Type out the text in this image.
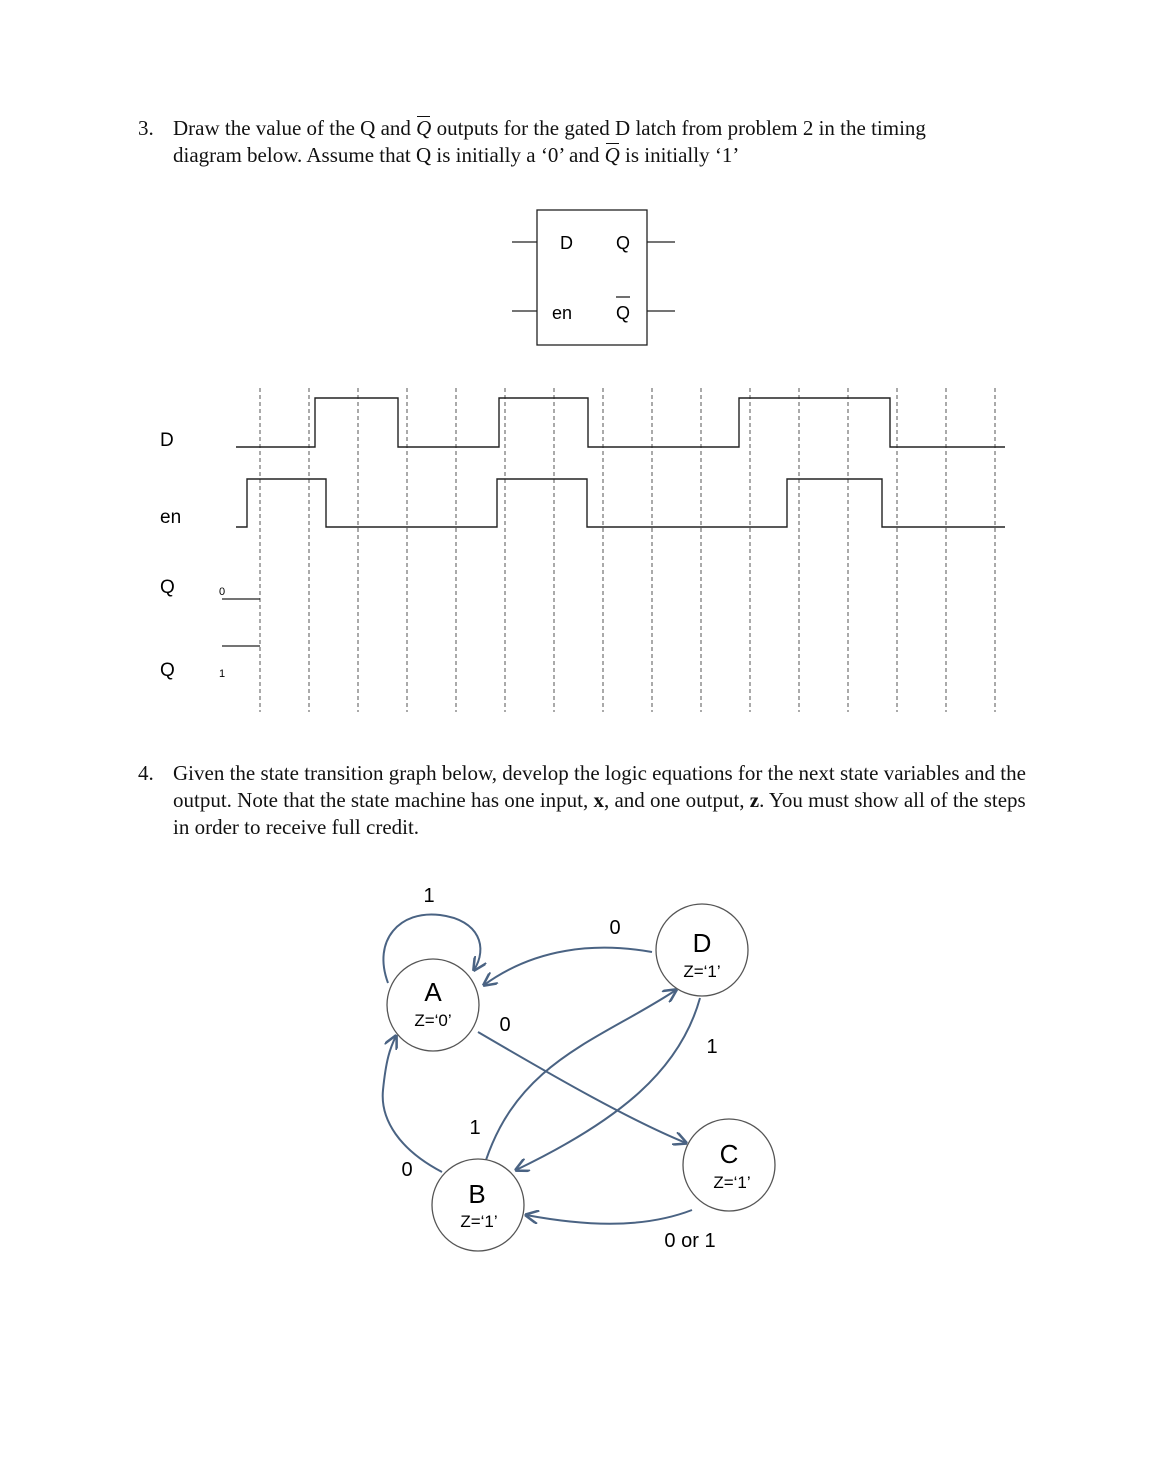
3. Draw the value of the Q and Q outputs for the gated D latch from problem 2 in the timing
diagram below. Assume that Q is initially a ‘0’ and Q is initially ‘1’
4. Given the state transition graph below, develop the logic equations for the next state variables and the output. Note that the state machine has one input, x, and one output, z. You must show all of the steps in order to receive full credit.
D Q
en Q
D
en
Q
Q
0
1
A
Z=‘0’
D
Z=‘1’
C
Z=‘1’
B
Z=‘1’
1
0
0
1
1
0
0 or 1
